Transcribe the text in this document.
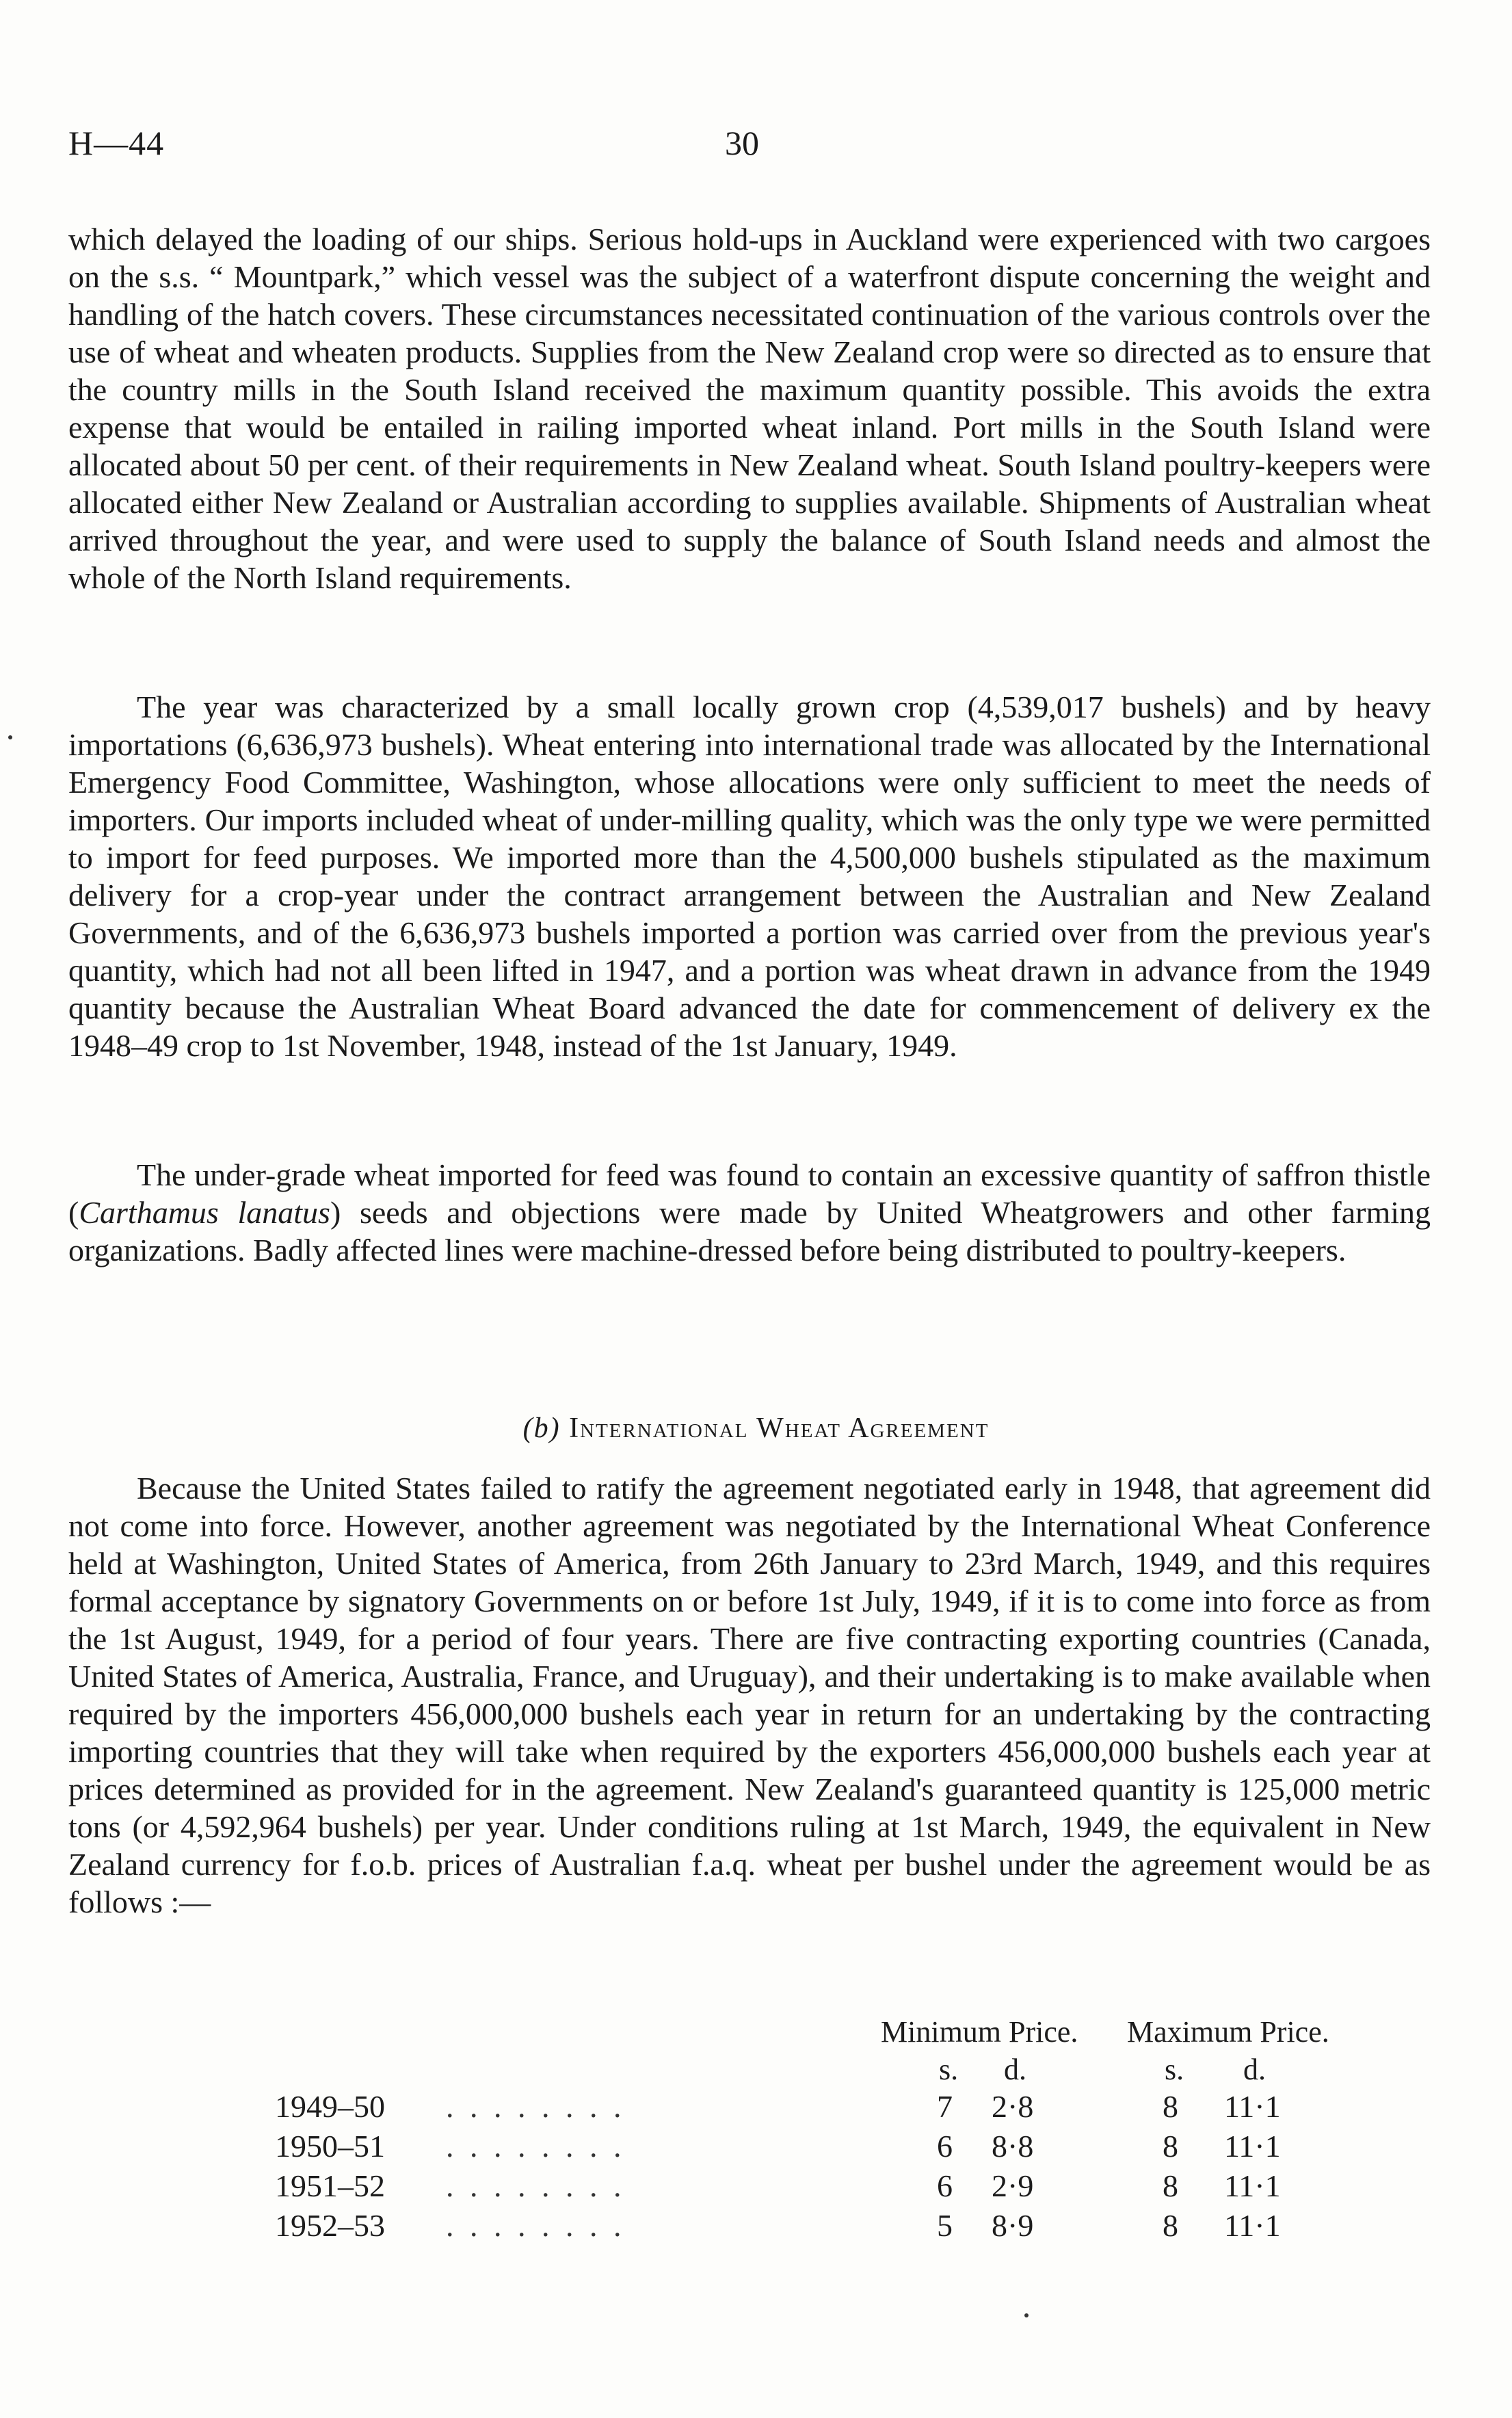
H—44	30

which delayed the loading of our ships. Serious hold-ups in Auckland were experienced with two cargoes on the s.s. “ Mountpark,” which vessel was the subject of a waterfront dispute concerning the weight and handling of the hatch covers. These circumstances necessitated continuation of the various controls over the use of wheat and wheaten products. Supplies from the New Zealand crop were so directed as to ensure that the country mills in the South Island received the maximum quantity possible. This avoids the extra expense that would be entailed in railing imported wheat inland. Port mills in the South Island were allocated about 50 per cent. of their requirements in New Zealand wheat. South Island poultry-keepers were allocated either New Zealand or Australian according to supplies available. Shipments of Australian wheat arrived throughout the year, and were used to supply the balance of South Island needs and almost the whole of the North Island requirements.

The year was characterized by a small locally grown crop (4,539,017 bushels) and by heavy importations (6,636,973 bushels). Wheat entering into international trade was allocated by the International Emergency Food Committee, Washington, whose allocations were only sufficient to meet the needs of importers. Our imports included wheat of under-milling quality, which was the only type we were permitted to import for feed purposes. We imported more than the 4,500,000 bushels stipulated as the maximum delivery for a crop-year under the contract arrangement between the Australian and New Zealand Governments, and of the 6,636,973 bushels imported a portion was carried over from the previous year's quantity, which had not all been lifted in 1947, and a portion was wheat drawn in advance from the 1949 quantity because the Australian Wheat Board advanced the date for commencement of delivery ex the 1948–49 crop to 1st November, 1948, instead of the 1st January, 1949.

The under-grade wheat imported for feed was found to contain an excessive quantity of saffron thistle (Carthamus lanatus) seeds and objections were made by United Wheatgrowers and other farming organizations. Badly affected lines were machine-dressed before being distributed to poultry-keepers.

(b) International Wheat Agreement

Because the United States failed to ratify the agreement negotiated early in 1948, that agreement did not come into force. However, another agreement was negotiated by the International Wheat Conference held at Washington, United States of America, from 26th January to 23rd March, 1949, and this requires formal acceptance by signatory Governments on or before 1st July, 1949, if it is to come into force as from the 1st August, 1949, for a period of four years. There are five contracting exporting countries (Canada, United States of America, Australia, France, and Uruguay), and their undertaking is to make available when required by the importers 456,000,000 bushels each year in return for an undertaking by the contracting importing countries that they will take when required by the exporters 456,000,000 bushels each year at prices determined as provided for in the agreement. New Zealand's guaranteed quantity is 125,000 metric tons (or 4,592,964 bushels) per year. Under conditions ruling at 1st March, 1949, the equivalent in New Zealand currency for f.o.b. prices of Australian f.a.q. wheat per bushel under the agreement would be as follows :—

Minimum Price. Maximum Price.
s. d.	s. d.
1949–50 . . . . . . . .	7 2·8	8 11·1
1950–51 . . . . . . . .	6 8·8	8 11·1
1951–52 . . . . . . . .	6 2·9	8 11·1
1952–53 . . . . . . . .	5 8·9	8 11·1
